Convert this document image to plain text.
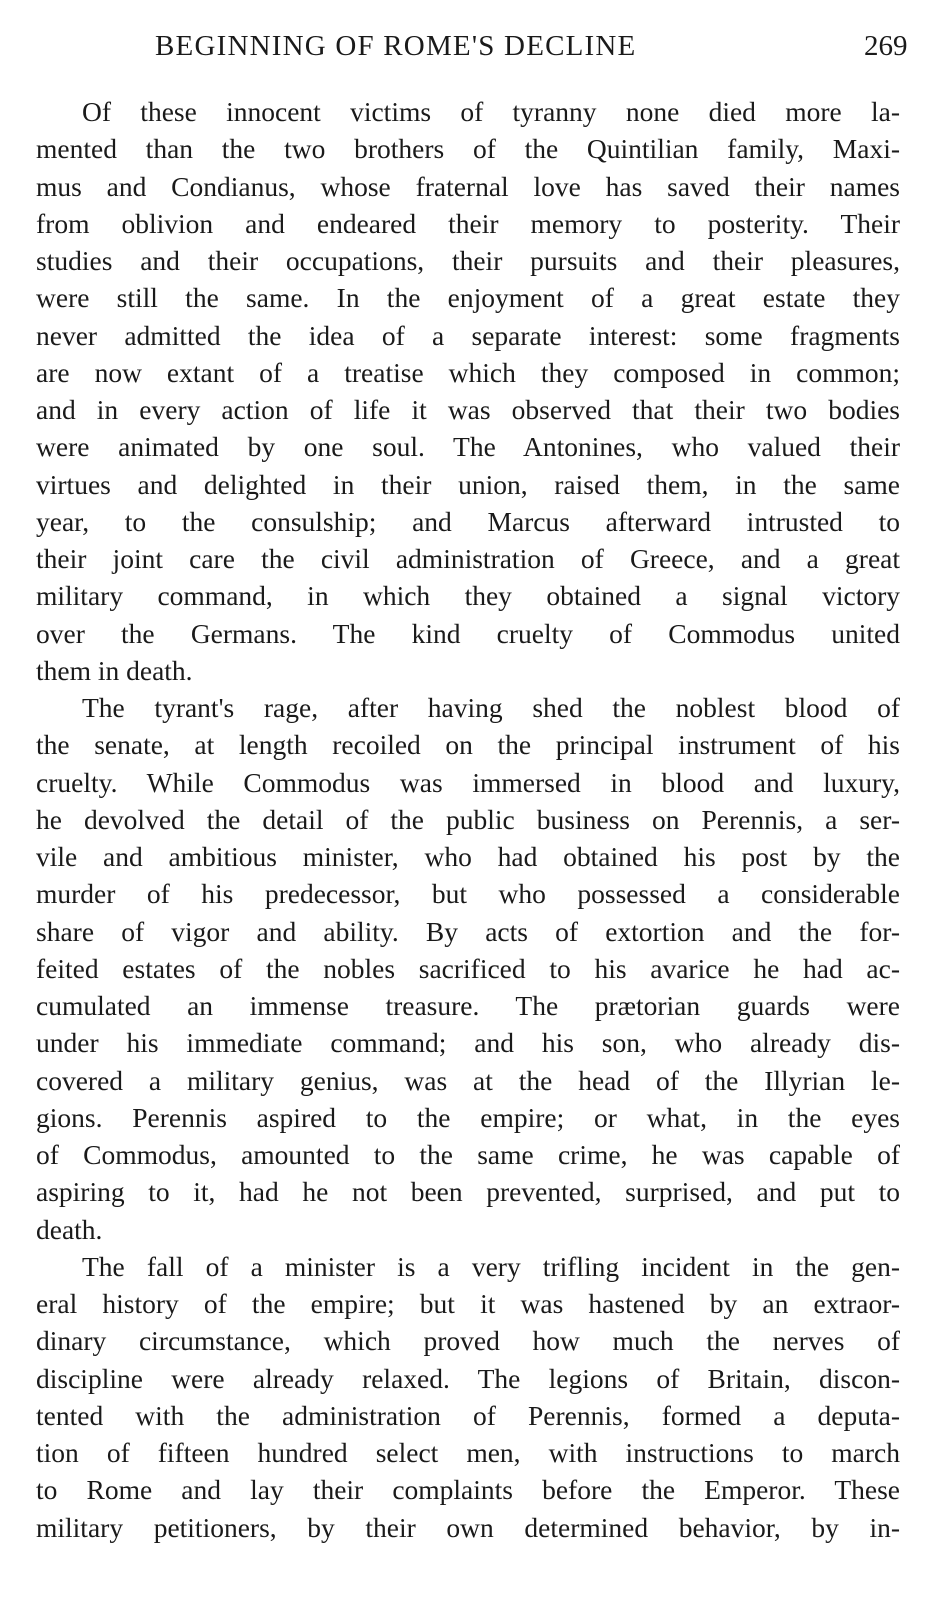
BEGINNING OF ROME'S DECLINE	269
Of these innocent victims of tyranny none died more la-
mented than the two brothers of the Quintilian family, Maxi-
mus and Condianus, whose fraternal love has saved their names
from oblivion and endeared their memory to posterity. Their
studies and their occupations, their pursuits and their pleasures,
were still the same. In the enjoyment of a great estate they
never admitted the idea of a separate interest: some fragments
are now extant of a treatise which they composed in common;
and in every action of life it was observed that their two bodies
were animated by one soul. The Antonines, who valued their
virtues and delighted in their union, raised them, in the same
year, to the consulship; and Marcus afterward intrusted to
their joint care the civil administration of Greece, and a great
military command, in which they obtained a signal victory
over the Germans. The kind cruelty of Commodus united
them in death.
The tyrant's rage, after having shed the noblest blood of
the senate, at length recoiled on the principal instrument of his
cruelty. While Commodus was immersed in blood and luxury,
he devolved the detail of the public business on Perennis, a ser-
vile and ambitious minister, who had obtained his post by the
murder of his predecessor, but who possessed a considerable
share of vigor and ability. By acts of extortion and the for-
feited estates of the nobles sacrificed to his avarice he had ac-
cumulated an immense treasure. The prætorian guards were
under his immediate command; and his son, who already dis-
covered a military genius, was at the head of the Illyrian le-
gions. Perennis aspired to the empire; or what, in the eyes
of Commodus, amounted to the same crime, he was capable of
aspiring to it, had he not been prevented, surprised, and put to
death.
The fall of a minister is a very trifling incident in the gen-
eral history of the empire; but it was hastened by an extraor-
dinary circumstance, which proved how much the nerves of
discipline were already relaxed. The legions of Britain, discon-
tented with the administration of Perennis, formed a deputa-
tion of fifteen hundred select men, with instructions to march
to Rome and lay their complaints before the Emperor. These
military petitioners, by their own determined behavior, by in-
